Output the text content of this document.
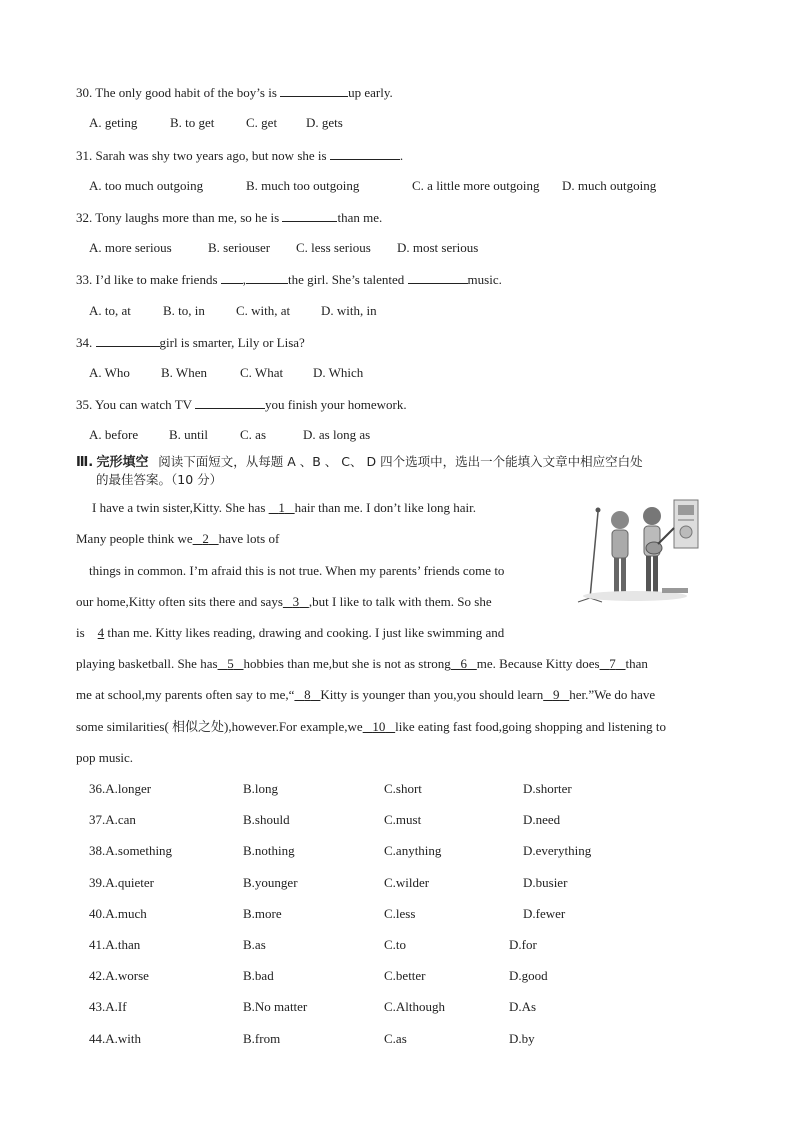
30. The only good habit of the boy’s is	up early.
A. geting	B. to get C. get D. gets
31. Sarah was shy two years ago, but now she is	.
A. too much outgoing	B. much too outgoing	C. a little more outgoing D. much outgoing
32. Tony laughs more than me, so he is	than me.
A. more serious	B. seriouser C. less serious D. most serious
33. I’d like to make friends ,	the girl. She’s talented	music.
A. to, at B. to, in C. with, at D. with, in
34.	girl is smarter, Lily or Lisa?
A. Who B. When	C. What D. Which
35. You can watch TV	you finish your homework.
A. before B. until C. as	D. as long as
Ⅲ. 完形填空 阅读下面短文，从每题 A 、B 、 C、 D 四个选项中，选出一个能填入文章中相应空白处
的最佳答案。（10 分）
I have a twin sister,Kitty. She has    1 hair than me. I don’t like long hair.
Many people think we 2 have lots of
things in common. I’m afraid this is not true. When my parents’ friends come to
our home,Kitty often sits there and says 3 ,but I like to talk with them. So she
is    4 than me. Kitty likes reading, drawing and cooking. I just like swimming and
playing basketball. She has 5 hobbies than me,but she is not as strong 6 me. Because Kitty does 7 than
me at school,my parents often say to me,“ 8 Kitty is younger than you,you should learn 9 her.”We do have
some similarities( 相似之处),however.For example,we 10 like eating fast food,going shopping and listening to
pop music.
36.A.longer	B.long	C.short	D.shorter
37.A.can	B.should	C.must	D.need
38.A.something	B.nothing	C.anything	D.everything
39.A.quieter	B.younger	C.wilder	D.busier
40.A.much	B.more	C.less	D.fewer
41.A.than	B.as	C.to	D.for
42.A.worse	B.bad	C.better	D.good
43.A.If	B.No matter	C.Although	D.As
44.A.with	B.from	C.as	D.by
